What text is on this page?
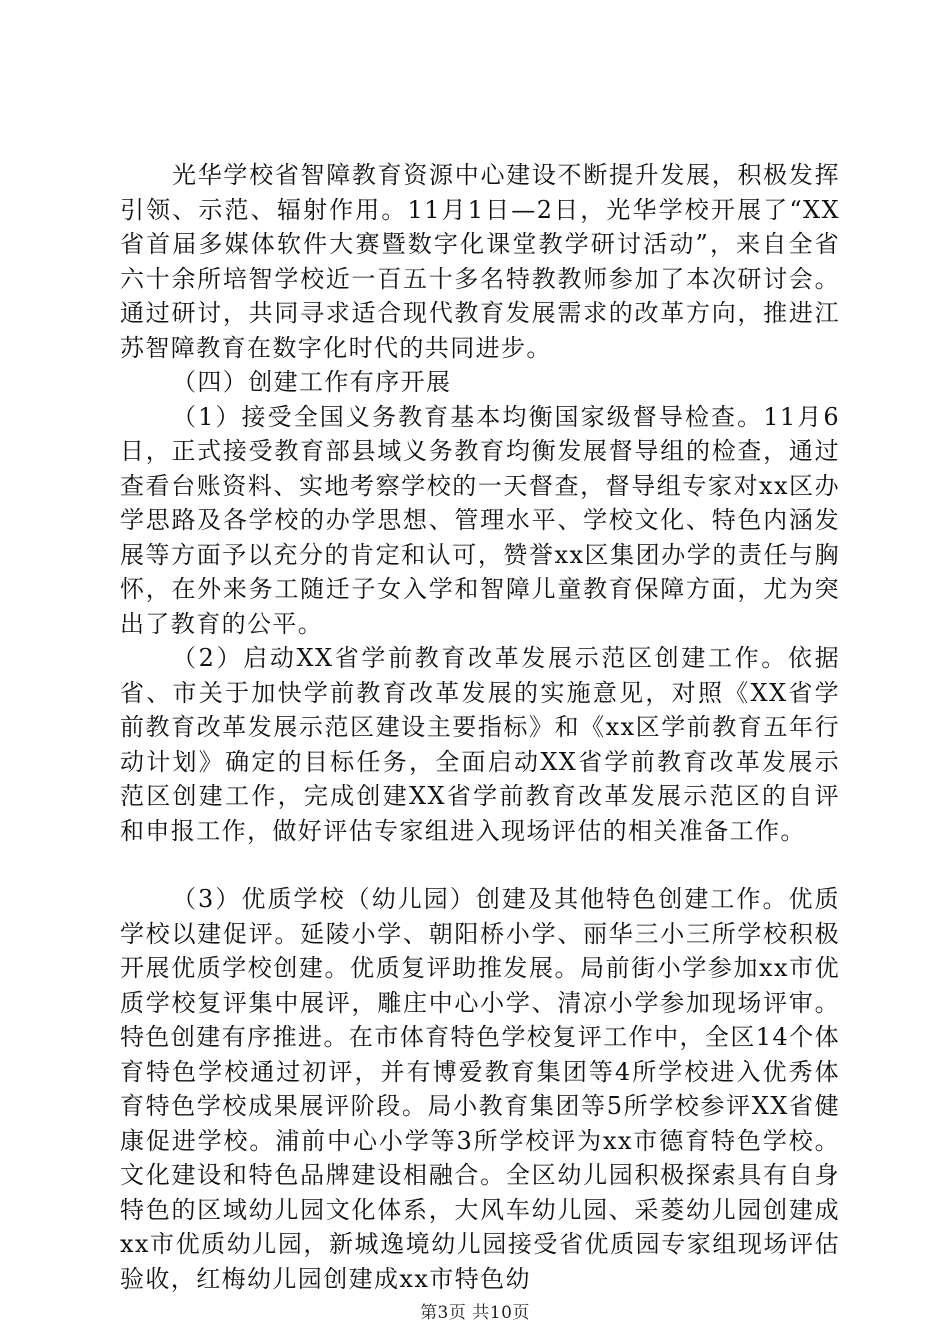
光华学校省智障教育资源中心建设不断提升发展，积极发挥引领、示范、辐射作用。11月1日—2日，光华学校开展了“XX省首届多媒体软件大赛暨数字化课堂教学研讨活动”，来自全省六十余所培智学校近一百五十多名特教教师参加了本次研讨会。通过研讨，共同寻求适合现代教育发展需求的改革方向，推进江苏智障教育在数字化时代的共同进步。

（四）创建工作有序开展

（1）接受全国义务教育基本均衡国家级督导检查。11月6日，正式接受教育部县域义务教育均衡发展督导组的检查，通过查看台账资料、实地考察学校的一天督查，督导组专家对xx区办学思路及各学校的办学思想、管理水平、学校文化、特色内涵发展等方面予以充分的肯定和认可，赞誉xx区集团办学的责任与胸怀，在外来务工随迁子女入学和智障儿童教育保障方面，尤为突出了教育的公平。

（2）启动XX省学前教育改革发展示范区创建工作。依据省、市关于加快学前教育改革发展的实施意见，对照《XX省学前教育改革发展示范区建设主要指标》和《xx区学前教育五年行动计划》确定的目标任务，全面启动XX省学前教育改革发展示范区创建工作，完成创建XX省学前教育改革发展示范区的自评和申报工作，做好评估专家组进入现场评估的相关准备工作。

（3）优质学校（幼儿园）创建及其他特色创建工作。优质学校以建促评。延陵小学、朝阳桥小学、丽华三小三所学校积极开展优质学校创建。优质复评助推发展。局前街小学参加xx市优质学校复评集中展评，雕庄中心小学、清凉小学参加现场评审。特色创建有序推进。在市体育特色学校复评工作中，全区14个体育特色学校通过初评，并有博爱教育集团等4所学校进入优秀体育特色学校成果展评阶段。局小教育集团等5所学校参评XX省健康促进学校。浦前中心小学等3所学校评为xx市德育特色学校。文化建设和特色品牌建设相融合。全区幼儿园积极探索具有自身特色的区域幼儿园文化体系，大风车幼儿园、采菱幼儿园创建成xx市优质幼儿园，新城逸境幼儿园接受省优质园专家组现场评估验收，红梅幼儿园创建成xx市特色幼

第3页 共10页
